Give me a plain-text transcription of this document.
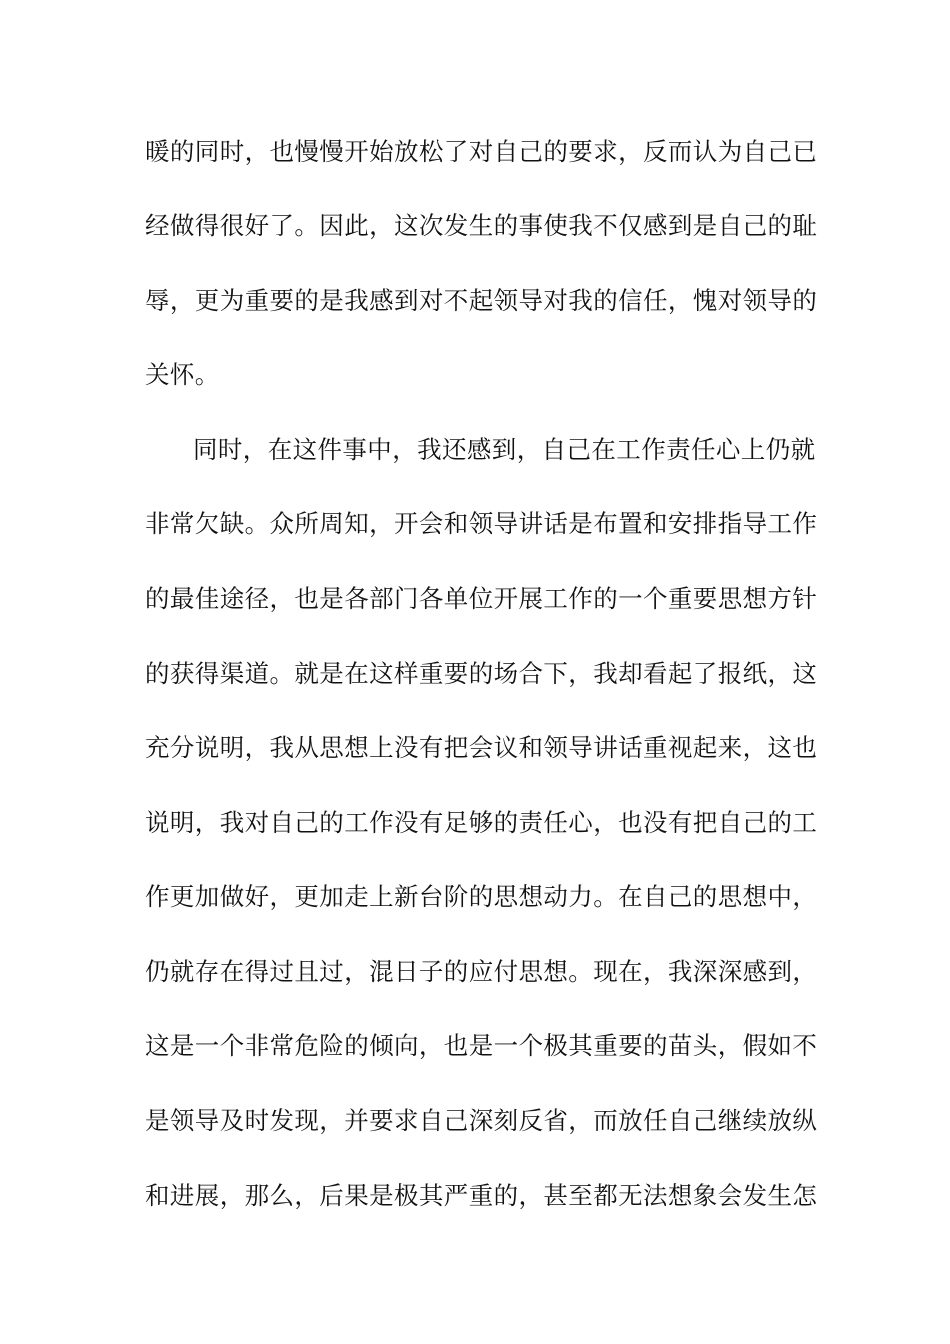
暖的同时，也慢慢开始放松了对自己的要求，反而认为自己已
经做得很好了。因此，这次发生的事使我不仅感到是自己的耻
辱，更为重要的是我感到对不起领导对我的信任，愧对领导的
关怀。
同时，在这件事中，我还感到，自己在工作责任心上仍就
非常欠缺。众所周知，开会和领导讲话是布置和安排指导工作
的最佳途径，也是各部门各单位开展工作的一个重要思想方针
的获得渠道。就是在这样重要的场合下，我却看起了报纸，这
充分说明，我从思想上没有把会议和领导讲话重视起来，这也
说明，我对自己的工作没有足够的责任心，也没有把自己的工
作更加做好，更加走上新台阶的思想动力。在自己的思想中，
仍就存在得过且过，混日子的应付思想。现在，我深深感到，
这是一个非常危险的倾向，也是一个极其重要的苗头，假如不
是领导及时发现，并要求自己深刻反省，而放任自己继续放纵
和进展，那么，后果是极其严重的，甚至都无法想象会发生怎
